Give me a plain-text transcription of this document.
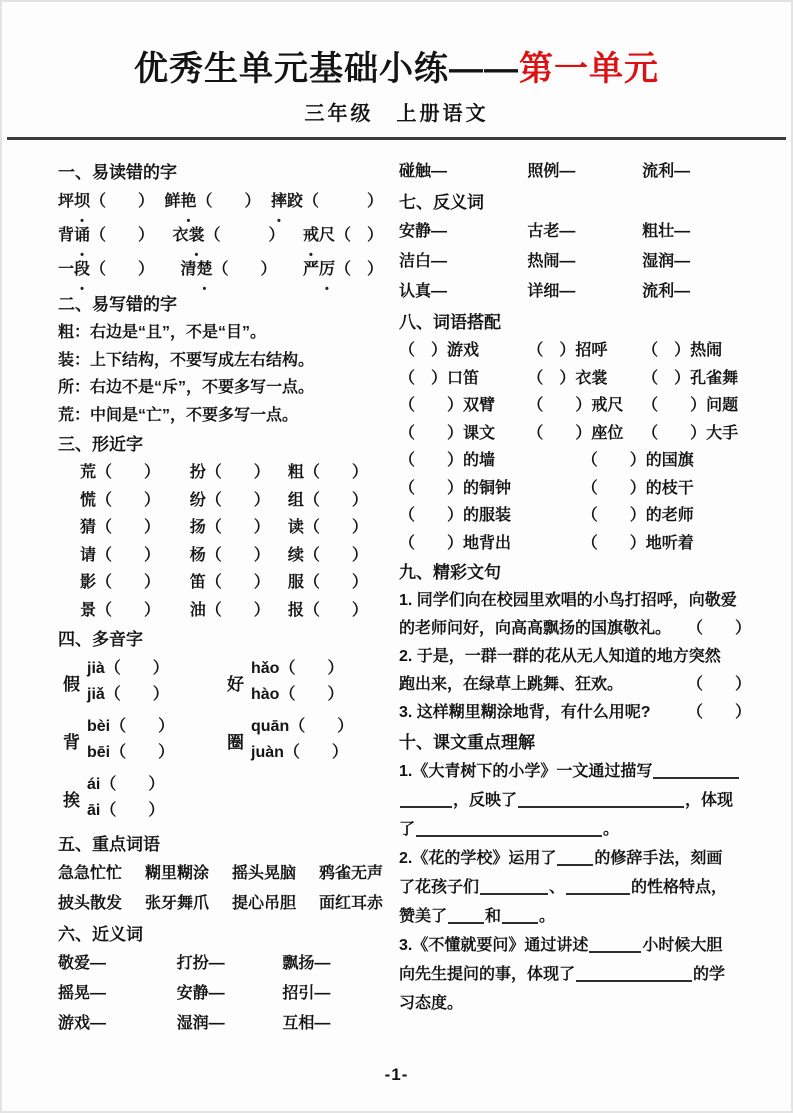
优秀生单元基础小练——第一单元
三年级　上册语文
一、易读错的字
坪坝（　　） 鲜艳（　　） 摔跤（　　　）
背诵（　　） 衣裳（　　　） 戒尺（　）
一段（　　） 清楚（　　） 严厉（　）
二、易写错的字
粗：右边是“且”，不是“目”。
装：上下结构，不要写成左右结构。
所：右边不是“斥”，不要多写一点。
荒：中间是“亡”，不要多写一点。
三、形近字
荒（　　）	扮（　　）	粗（　　）
慌（　　）	纷（　　）	组（　　）
猜（　　）	扬（　　）	读（　　）
请（　　）	杨（　　）	续（　　）
影（　　）	笛（　　）	服（　　）
景（　　）	油（　　）	报（　　）
四、多音字
假
jià（　　）
jiǎ（　　）
好
hǎo（　　）
hào（　　）
背
bèi（　　）
bēi（　　）
圈
quān（　　）
juàn（　　）
挨
ái（　　）
āi（　　）
五、重点词语
急急忙忙 糊里糊涂 摇头晃脑 鸦雀无声
披头散发 张牙舞爪 提心吊胆 面红耳赤
六、近义词
敬爱—	打扮—	飘扬—
摇晃—	安静—	招引—
游戏—	湿润—	互相—
碰触—	照例—	流利—
七、反义词
安静—	古老—	粗壮—
洁白—	热闹—	湿润—
认真—	详细—	流利—
八、词语搭配
（　）游戏	（　）招呼	（　）热闹
（　）口笛	（　）衣裳	（　）孔雀舞
（　　）双臂	（　　）戒尺	（　　）问题
（　　）课文	（　　）座位	（　　）大手
（　　）的墙	（　　）的国旗
（　　）的铜钟	（　　）的枝干
（　　）的服装	（　　）的老师
（　　）地背出	（　　）地听着
九、精彩文句
1. 同学们向在校园里欢唱的小鸟打招呼，向敬爱
（　　）
的老师问好，向高高飘扬的国旗敬礼。
2. 于是，一群一群的花从无人知道的地方突然
（　　）
跑出来，在绿草上跳舞、狂欢。
（　　）
3. 这样糊里糊涂地背，有什么用呢?
十、课文重点理解
1.《大青树下的小学》一文通过描写
，反映了	，体现
了	。
2.《花的学校》运用了 的修辞手法，刻画
了花孩子们	、	的性格特点，
赞美了 和 。
3.《不懂就要问》通过讲述	小时候大胆
向先生提问的事，体现了	的学
习态度。
-1-
